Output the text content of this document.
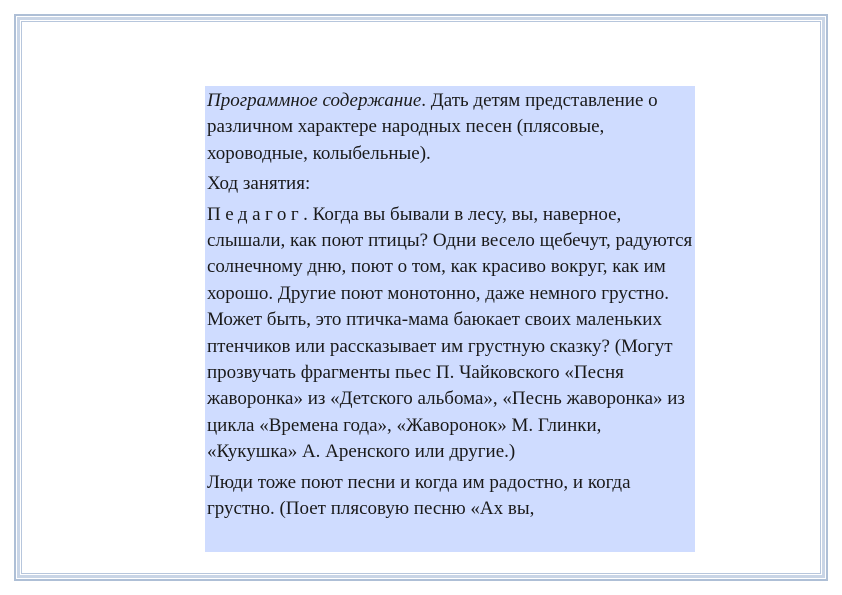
Программное содержание. Дать детям представление о различном характере народных песен (плясовые, хороводные, колыбельные).

Ход занятия:

Педагог. Когда вы бывали в лесу, вы, наверное, слышали, как поют птицы? Одни весело щебечут, радуются солнечному дню, поют о том, как красиво вокруг, как им хорошо. Другие поют монотонно, даже немного грустно. Может быть, это птичка-мама баюкает своих маленьких птенчиков или рассказывает им грустную сказку? (Могут прозвучать фрагменты пьес П. Чайковского «Песня жаворонка» из «Детского альбома», «Песнь жаворонка» из цикла «Времена года», «Жаворонок» М. Глинки, «Кукушка» А. Аренского или другие.)

Люди тоже поют песни и когда им радостно, и когда грустно. (Поет плясовую песню «Ах вы,
